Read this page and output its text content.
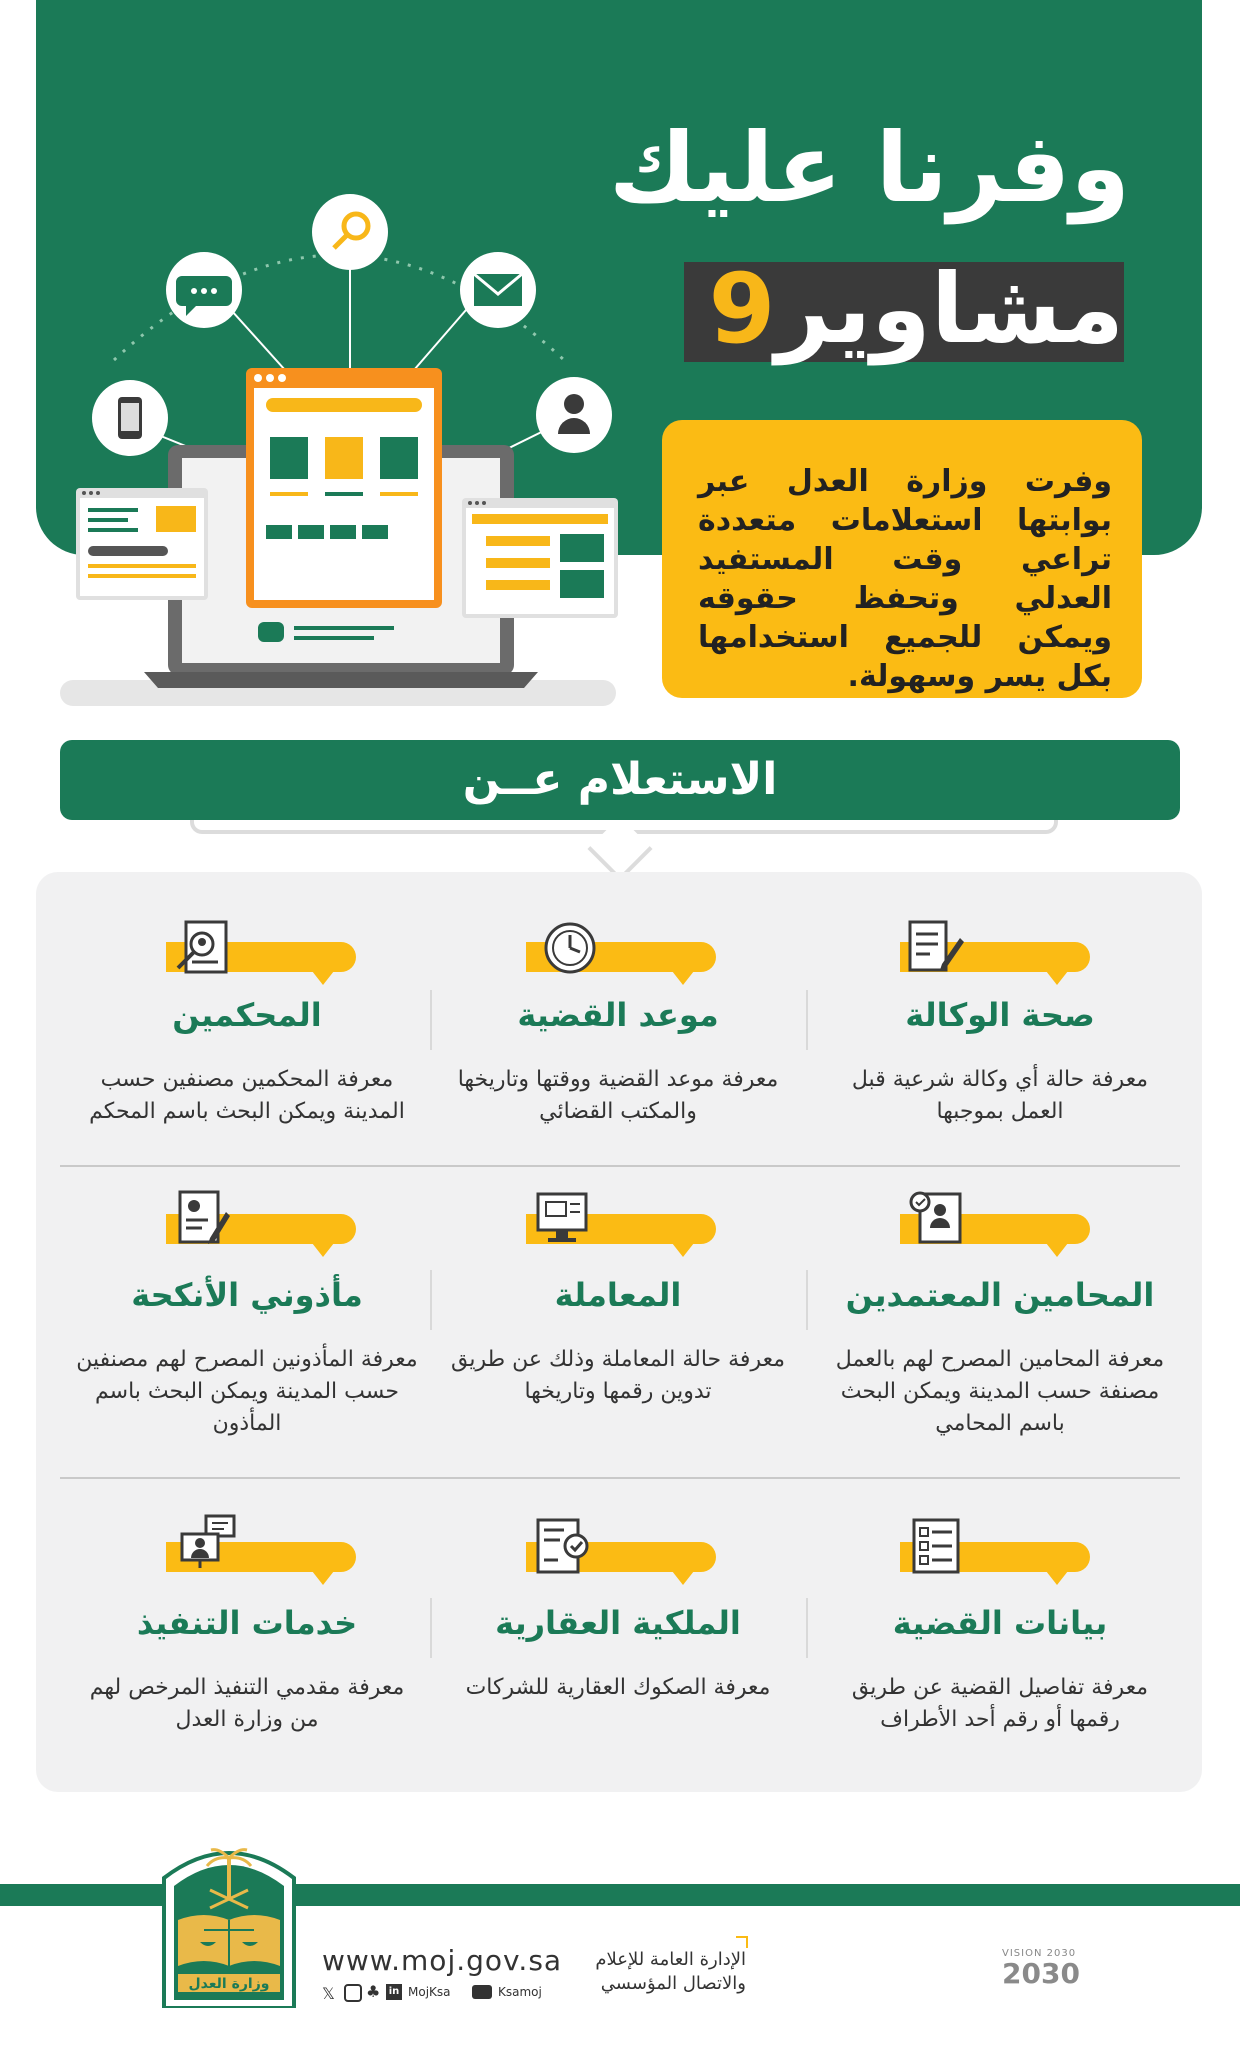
وفرنا عليك
مشاوير9
وفرت وزارة العدل عبر بوابتها استعلامات متعددة تراعي وقت المستفيد العدلي وتحفظ حقوقه ويمكن للجميع استخدامها بكل يسر وسهولة.
الاستعلام عــن
صحة الوكالة
معرفة حالة أي وكالة شرعية قبل العمل بموجبها
موعد القضية
معرفة موعد القضية ووقتها وتاريخها والمكتب القضائي
المحكمين
معرفة المحكمين مصنفين حسب المدينة ويمكن البحث باسم المحكم
المحامين المعتمدين
معرفة المحامين المصرح لهم بالعمل مصنفة حسب المدينة ويمكن البحث باسم المحامي
المعاملة
معرفة حالة المعاملة وذلك عن طريق تدوين رقمها وتاريخها
مأذوني الأنكحة
معرفة المأذونين المصرح لهم مصنفين حسب المدينة ويمكن البحث باسم المأذون
بيانات القضية
معرفة تفاصيل القضية عن طريق رقمها أو رقم أحد الأطراف
الملكية العقارية
معرفة الصكوك العقارية للشركات
خدمات التنفيذ
معرفة مقدمي التنفيذ المرخص لهم من وزارة العدل
وزارة العدل
www.moj.gov.sa
𝕏 ♣ in MojKsa	Ksamoj
الإدارة العامة للإعلام والاتصال المؤسسي
VISION 2030
2030
